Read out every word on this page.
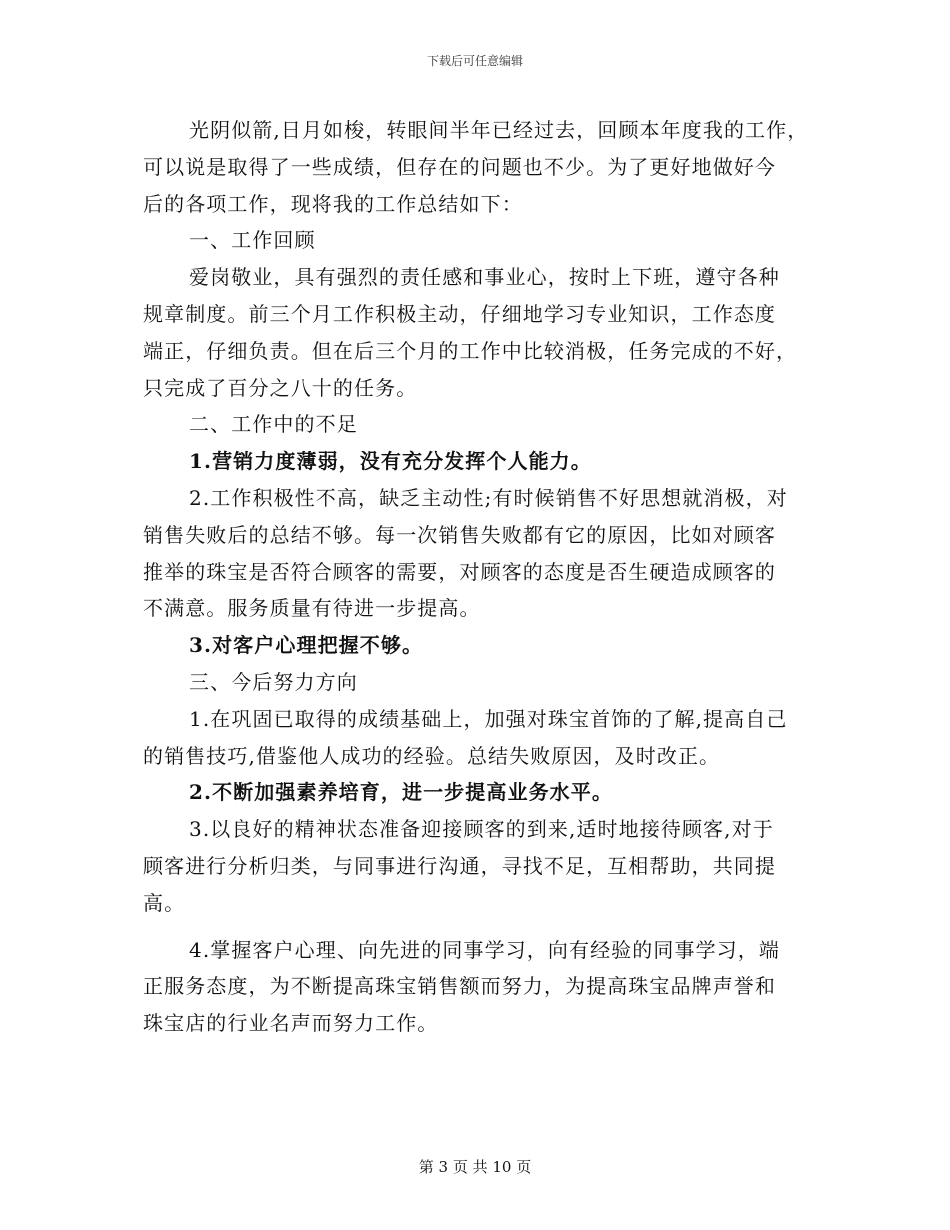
下载后可任意编辑
光阴似箭,日月如梭，转眼间半年已经过去，回顾本年度我的工作，
可以说是取得了一些成绩，但存在的问题也不少。为了更好地做好今
后的各项工作，现将我的工作总结如下：
一、工作回顾
爱岗敬业，具有强烈的责任感和事业心，按时上下班，遵守各种
规章制度。前三个月工作积极主动，仔细地学习专业知识，工作态度
端正，仔细负责。但在后三个月的工作中比较消极，任务完成的不好，
只完成了百分之八十的任务。
二、工作中的不足
1.营销力度薄弱，没有充分发挥个人能力。
2.工作积极性不高，缺乏主动性;有时候销售不好思想就消极，对
销售失败后的总结不够。每一次销售失败都有它的原因，比如对顾客
推举的珠宝是否符合顾客的需要，对顾客的态度是否生硬造成顾客的
不满意。服务质量有待进一步提高。
3.对客户心理把握不够。
三、今后努力方向
1.在巩固已取得的成绩基础上，加强对珠宝首饰的了解,提高自己
的销售技巧,借鉴他人成功的经验。总结失败原因，及时改正。
2.不断加强素养培育，进一步提高业务水平。
3.以良好的精神状态准备迎接顾客的到来,适时地接待顾客,对于
顾客进行分析归类，与同事进行沟通，寻找不足，互相帮助，共同提
高。
4.掌握客户心理、向先进的同事学习，向有经验的同事学习，端
正服务态度，为不断提高珠宝销售额而努力，为提高珠宝品牌声誉和
珠宝店的行业名声而努力工作。
第 3 页 共 10 页
